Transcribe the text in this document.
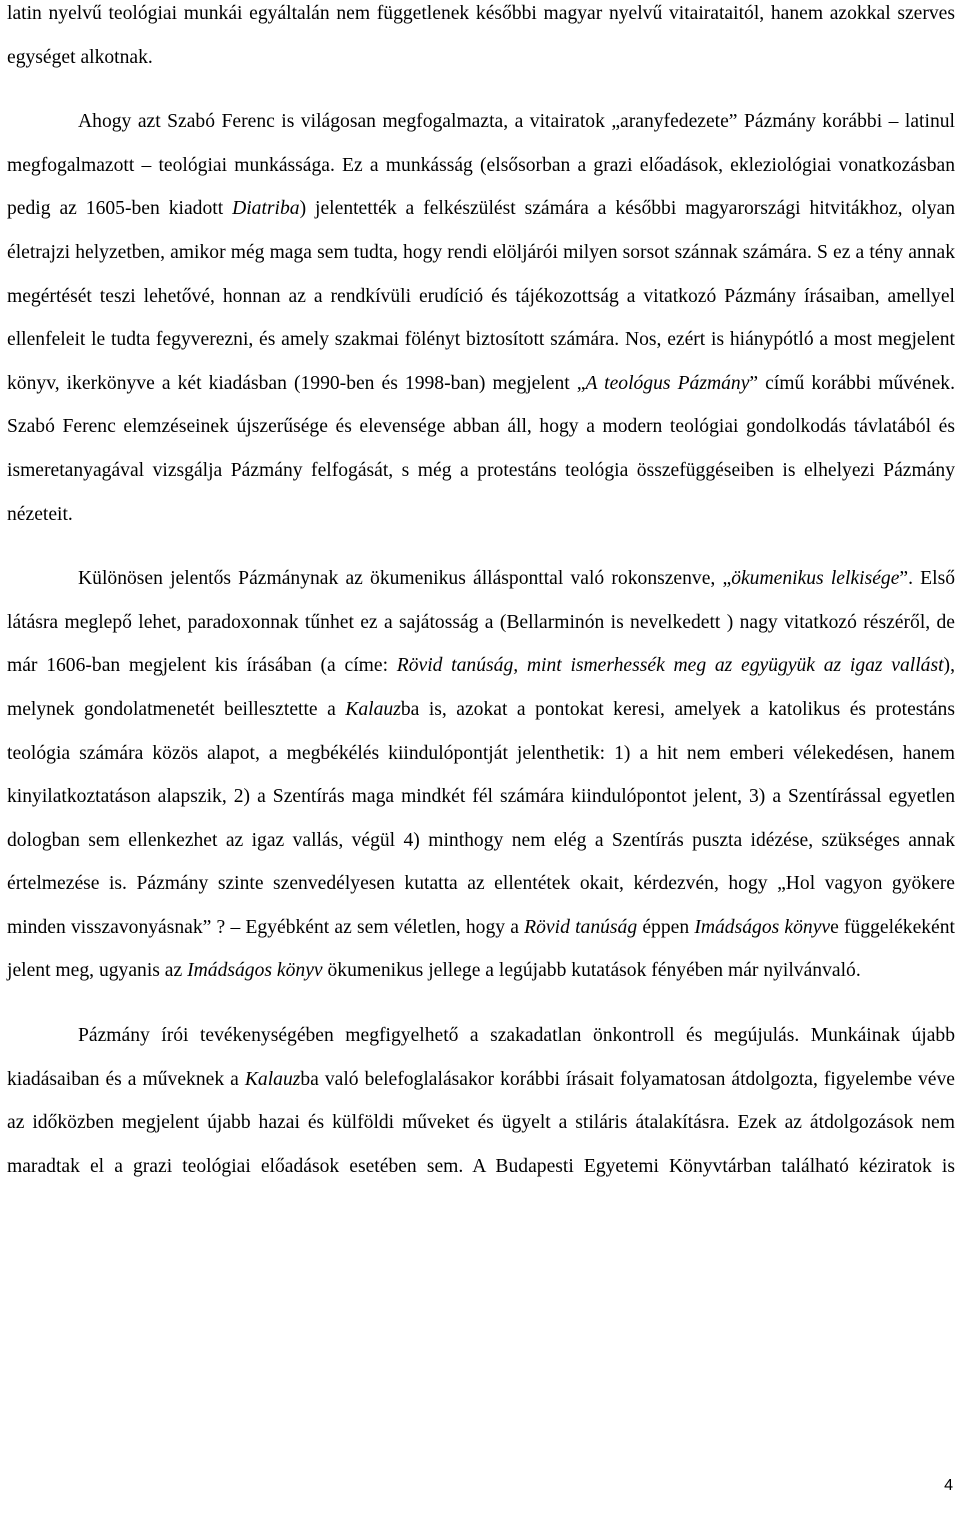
latin nyelvű teológiai munkái egyáltalán nem függetlenek későbbi magyar nyelvű vitairataitól, hanem azokkal szerves egységet alkotnak.

Ahogy azt Szabó Ferenc is világosan megfogalmazta, a vitairatok „aranyfedezete” Pázmány korábbi – latinul megfogalmazott – teológiai munkássága. Ez a munkásság (elsősorban a grazi előadások, ekleziológiai vonatkozásban pedig az 1605-ben kiadott Diatriba) jelentették a felkészülést számára a későbbi magyarországi hitvitákhoz, olyan életrajzi helyzetben, amikor még maga sem tudta, hogy rendi elöljárói milyen sorsot szánnak számára. S ez a tény annak megértését teszi lehetővé, honnan az a rendkívüli erudíció és tájékozottság a vitatkozó Pázmány írásaiban, amellyel ellenfeleit le tudta fegyverezni, és amely szakmai fölényt biztosított számára. Nos, ezért is hiánypótló a most megjelent könyv, ikerkönyve a két kiadásban (1990-ben és 1998-ban) megjelent „A teológus Pázmány” című korábbi művének. Szabó Ferenc elemzéseinek újszerűsége és elevensége abban áll, hogy a modern teológiai gondolkodás távlatából és ismeretanyagával vizsgálja Pázmány felfogását, s még a protestáns teológia összefüggéseiben is elhelyezi Pázmány nézeteit.

Különösen jelentős Pázmánynak az ökumenikus állásponttal való rokonszenve, „ökumenikus lelkisége”. Első látásra meglepő lehet, paradoxonnak tűnhet ez a sajátosság a (Bellarminón is nevelkedett ) nagy vitatkozó részéről, de már 1606-ban megjelent kis írásában (a címe: Rövid tanúság, mint ismerhessék meg az együgyük az igaz vallást), melynek gondolatmenetét beillesztette a Kalauzba is, azokat a pontokat keresi, amelyek a katolikus és protestáns teológia számára közös alapot, a megbékélés kiindulópontját jelenthetik: 1) a hit nem emberi vélekedésen, hanem kinyilatkoztatáson alapszik, 2) a Szentírás maga mindkét fél számára kiindulópontot jelent, 3) a Szentírással egyetlen dologban sem ellenkezhet az igaz vallás, végül 4) minthogy nem elég a Szentírás puszta idézése, szükséges annak értelmezése is. Pázmány szinte szenvedélyesen kutatta az ellentétek okait, kérdezvén, hogy „Hol vagyon gyökere minden visszavonyásnak” ? – Egyébként az sem véletlen, hogy a Rövid tanúság éppen Imádságos könyve függelékeként jelent meg, ugyanis az Imádságos könyv ökumenikus jellege a legújabb kutatások fényében már nyilvánvaló.

Pázmány írói tevékenységében megfigyelhető a szakadatlan önkontroll és megújulás. Munkáinak újabb kiadásaiban és a műveknek a Kalauzba való belefoglalásakor korábbi írásait folyamatosan átdolgozta, figyelembe véve az időközben megjelent újabb hazai és külföldi műveket és ügyelt a stiláris átalakításra. Ezek az átdolgozások nem maradtak el a grazi teológiai előadások esetében sem. A Budapesti Egyetemi Könyvtárban található kéziratok is

4
